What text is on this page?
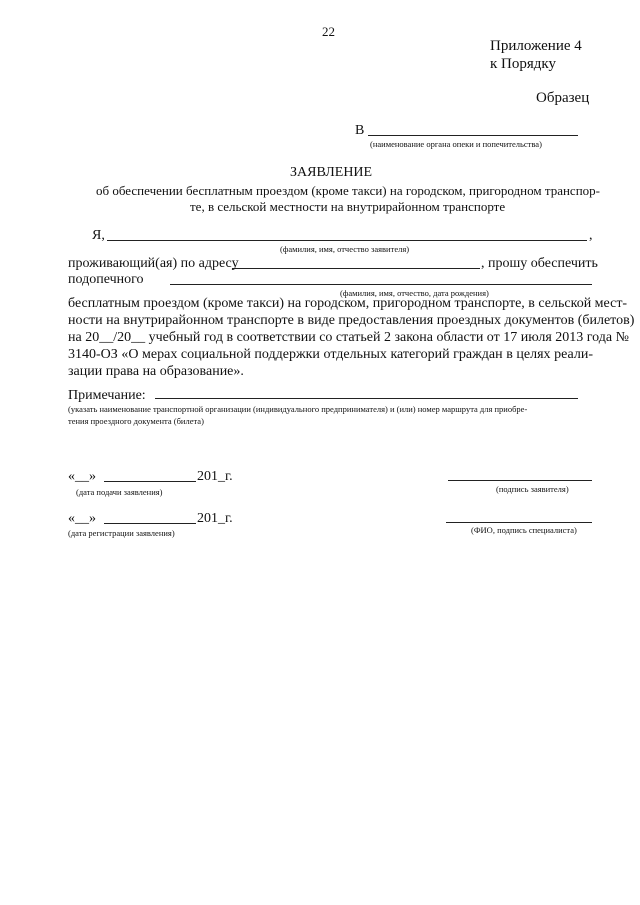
22
Приложение 4
к Порядку
Образец
В
(наименование органа опеки и попечительства)
ЗАЯВЛЕНИЕ
об обеспечении бесплатным проездом (кроме такси) на городском, пригородном транспор-
те, в сельской местности на внутрирайонном транспорте
Я,	,
(фамилия, имя, отчество заявителя)
проживающий(ая) по адресу	, прошу обеспечить
подопечного
(фамилия, имя, отчество, дата рождения)
бесплатным проездом (кроме такси) на городском, пригородном транспорте, в сельской мест-
ности на внутрирайонном транспорте в виде предоставления проездных документов (билетов)
на 20__/20__ учебный год в соответствии со статьей 2 закона области от 17 июля 2013 года №
3140-ОЗ «О мерах социальной поддержки отдельных категорий граждан в целях реали-
зации права на образование».
Примечание:
(указать наименование транспортной организации (индивидуального предпринимателя) и (или) номер маршрута для приобре-
тения проездного документа (билета)
«__»	201_г.
(дата подачи заявления)	(подпись заявителя)
«__»	201_г.
(дата регистрации заявления)	(ФИО, подпись специалиста)
